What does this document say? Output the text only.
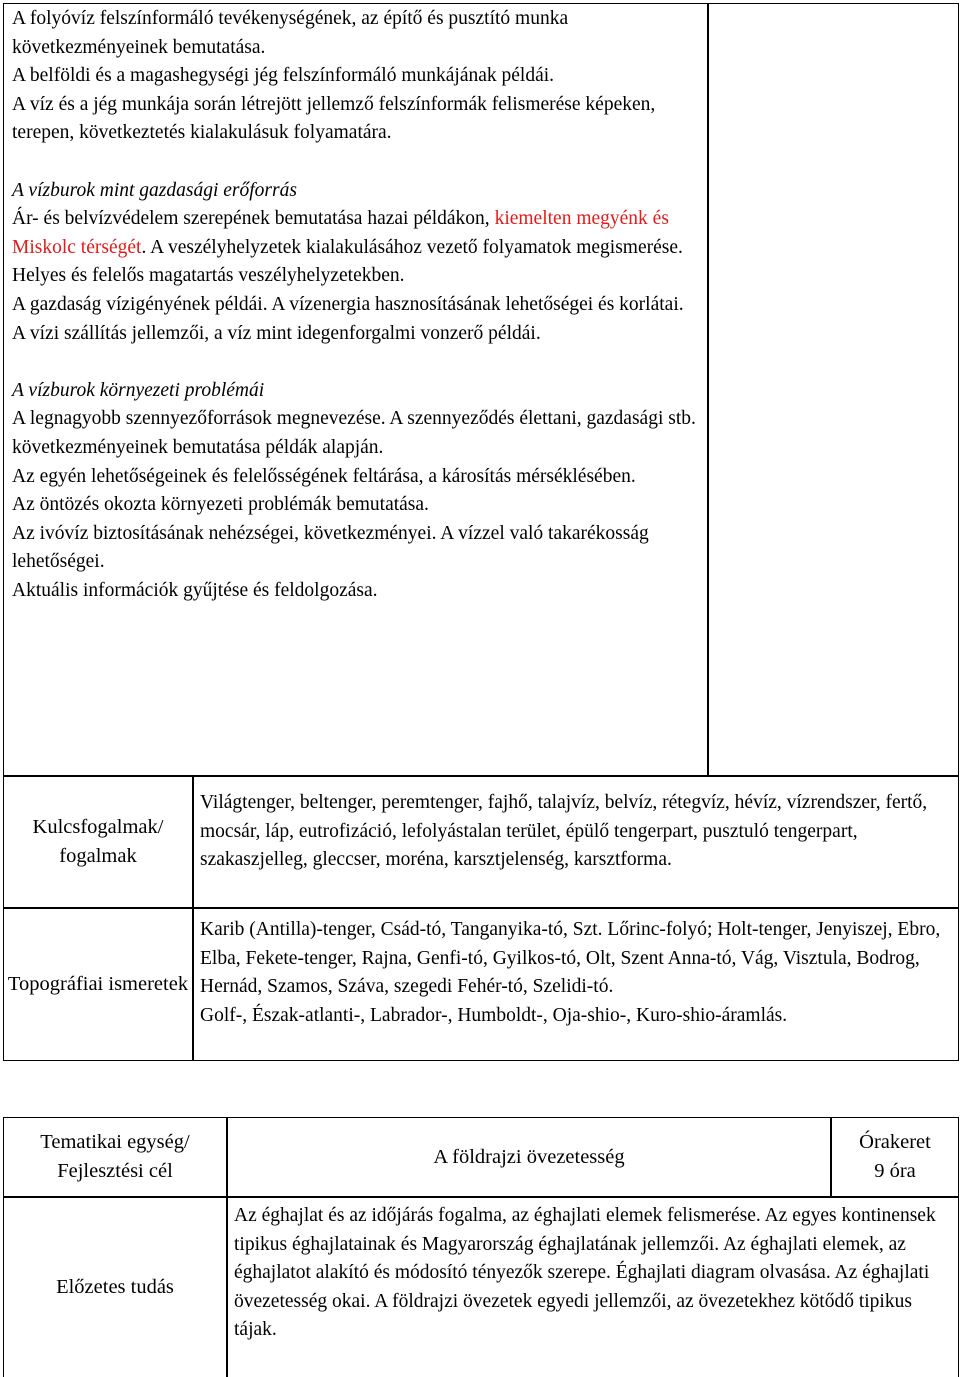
A folyóvíz felszínformáló tevékenységének, az építő és pusztító munka következményeinek bemutatása.

A belföldi és a magashegységi jég felszínformáló munkájának példái.

A víz és a jég munkája során létrejött jellemző felszínformák felismerése képeken, terepen, következtetés kialakulásuk folyamatára.

A vízburok mint gazdasági erőforrás

Ár- és belvízvédelem szerepének bemutatása hazai példákon, kiemelten megyénk és Miskolc térségét. A veszélyhelyzetek kialakulásához vezető folyamatok megismerése. Helyes és felelős magatartás veszélyhelyzetekben.

A gazdaság vízigényének példái. A vízenergia hasznosításának lehetőségei és korlátai.

A vízi szállítás jellemzői, a víz mint idegenforgalmi vonzerő példái.

A vízburok környezeti problémái

A legnagyobb szennyezőforrások megnevezése. A szennyeződés élettani, gazdasági stb. következményeinek bemutatása példák alapján.

Az egyén lehetőségeinek és felelősségének feltárása, a károsítás mérséklésében.

Az öntözés okozta környezeti problémák bemutatása.

Az ivóvíz biztosításának nehézségei, következményei. A vízzel való takarékosság lehetőségei.

Aktuális információk gyűjtése és feldolgozása.

Kulcsfogalmak/ fogalmak

Világtenger, beltenger, peremtenger, fajhő, talajvíz, belvíz, rétegvíz, hévíz, vízrendszer, fertő, mocsár, láp, eutrofizáció, lefolyástalan terület, épülő tengerpart, pusztuló tengerpart, szakaszjelleg, gleccser, moréna, karsztjelenség, karsztforma.

Topográfiai ismeretek

Karib (Antilla)-tenger, Csád-tó, Tanganyika-tó, Szt. Lőrinc-folyó; Holt-tenger, Jenyiszej, Ebro, Elba, Fekete-tenger, Rajna, Genfi-tó, Gyilkos-tó, Olt, Szent Anna-tó, Vág, Visztula, Bodrog, Hernád, Szamos, Száva, szegedi Fehér-tó, Szelidi-tó.

Golf-, Észak-atlanti-, Labrador-, Humboldt-, Oja-shio-, Kuro-shio-áramlás.

Tematikai egység/
Fejlesztési cél
A földrajzi övezetesség
Órakeret
9 óra
Előzetes tudás

Az éghajlat és az időjárás fogalma, az éghajlati elemek felismerése. Az egyes kontinensek tipikus éghajlatainak és Magyarország éghajlatának jellemzői. Az éghajlati elemek, az éghajlatot alakító és módosító tényezők szerepe. Éghajlati diagram olvasása. Az éghajlati övezetesség okai. A földrajzi övezetek egyedi jellemzői, az övezetekhez kötődő tipikus tájak.
